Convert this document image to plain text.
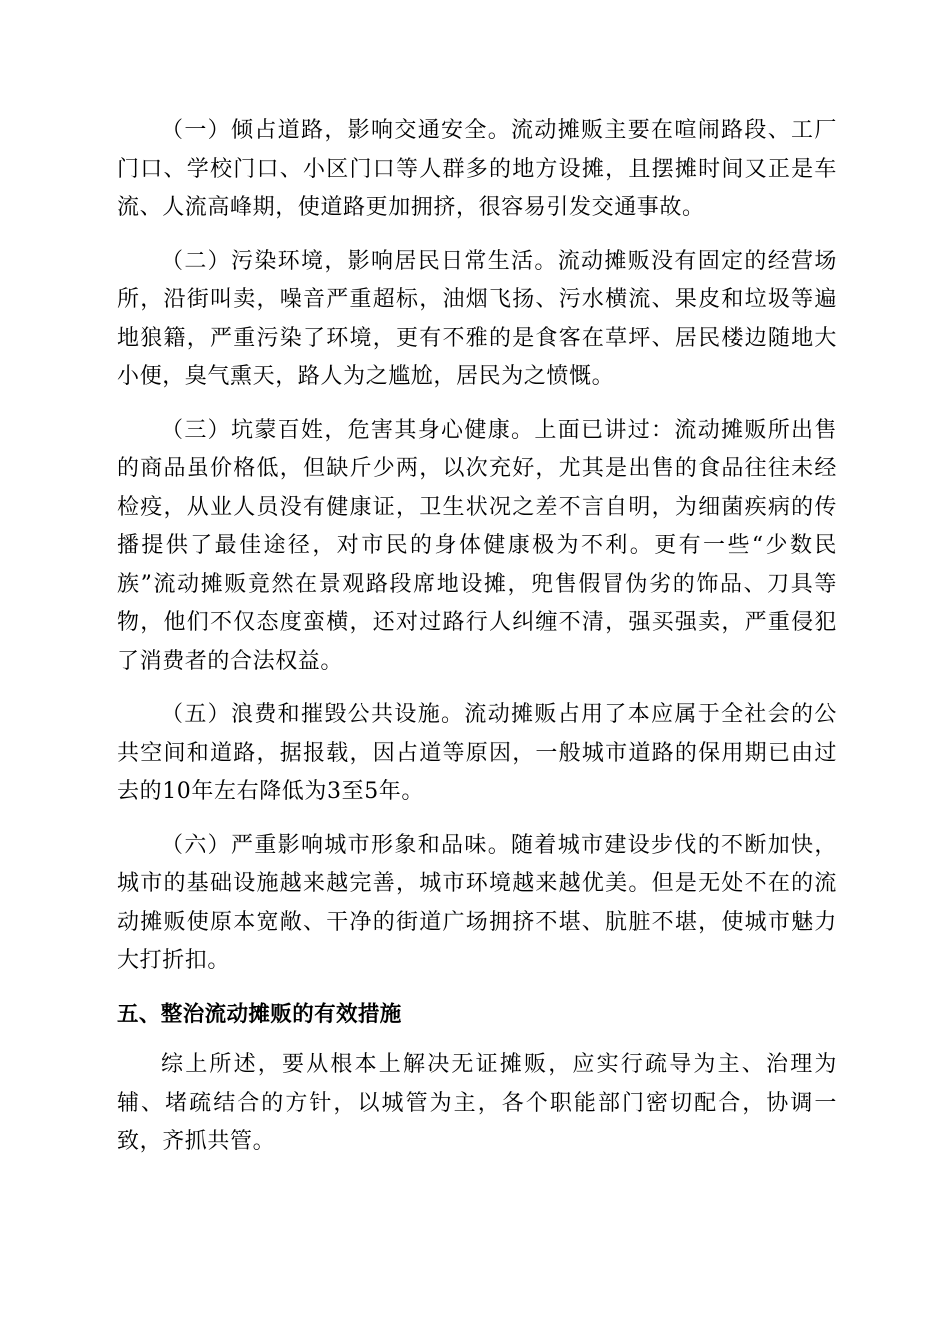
（一）倾占道路，影响交通安全。流动摊贩主要在喧闹路段、工厂门口、学校门口、小区门口等人群多的地方设摊，且摆摊时间又正是车流、人流高峰期，使道路更加拥挤，很容易引发交通事故。

（二）污染环境，影响居民日常生活。流动摊贩没有固定的经营场所，沿街叫卖，噪音严重超标，油烟飞扬、污水横流、果皮和垃圾等遍地狼籍，严重污染了环境，更有不雅的是食客在草坪、居民楼边随地大小便，臭气熏天，路人为之尴尬，居民为之愤慨。

（三）坑蒙百姓，危害其身心健康。上面已讲过：流动摊贩所出售的商品虽价格低，但缺斤少两，以次充好，尤其是出售的食品往往未经检疫，从业人员没有健康证，卫生状况之差不言自明，为细菌疾病的传播提供了最佳途径，对市民的身体健康极为不利。更有一些“少数民族”流动摊贩竟然在景观路段席地设摊，兜售假冒伪劣的饰品、刀具等物，他们不仅态度蛮横，还对过路行人纠缠不清，强买强卖，严重侵犯了消费者的合法权益。

（五）浪费和摧毁公共设施。流动摊贩占用了本应属于全社会的公共空间和道路，据报载，因占道等原因，一般城市道路的保用期已由过去的10年左右降低为3至5年。

（六）严重影响城市形象和品味。随着城市建设步伐的不断加快，城市的基础设施越来越完善，城市环境越来越优美。但是无处不在的流动摊贩使原本宽敞、干净的街道广场拥挤不堪、肮脏不堪，使城市魅力大打折扣。

五、整治流动摊贩的有效措施

综上所述，要从根本上解决无证摊贩，应实行疏导为主、治理为辅、堵疏结合的方针，以城管为主，各个职能部门密切配合，协调一致，齐抓共管。
